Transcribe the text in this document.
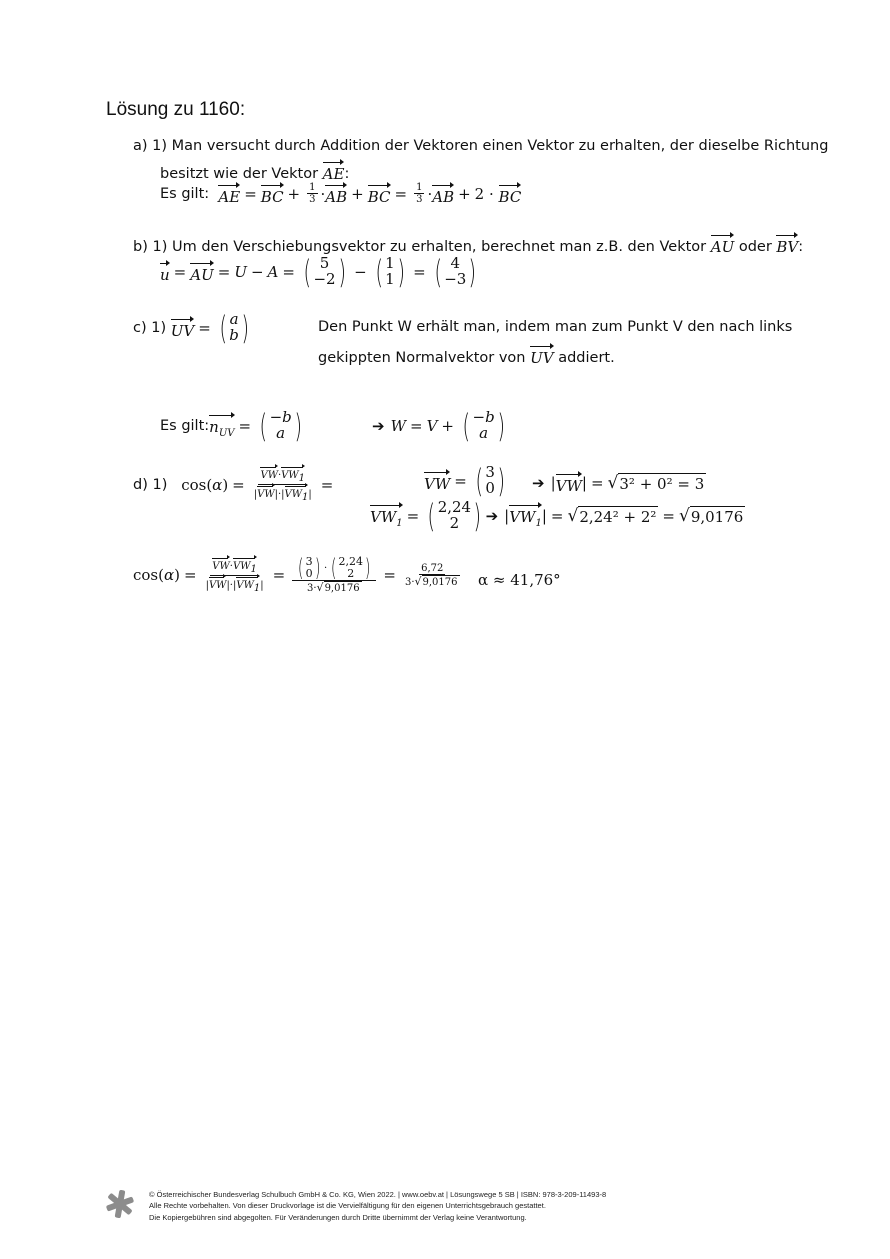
Lösung zu 1160:
a) 1) Man versucht durch Addition der Vektoren einen Vektor zu erhalten, der dieselbe Richtung
besitzt wie der Vektor
AE :
Es gilt:
AE = BC + $\frac{1}{3}$ · AB + BC = $\frac{1}{3}$ · AB + 2 · BC
b) 1)
Um den Verschiebungsvektor zu erhalten, berechnet man z.B. den Vektor
AU
oder
BV :
u = AU = U − A = ( 5
−2 ) − ( 1
1 ) = ( 4
−3 )
c) 1)
UV = ( a
b )	Den Punkt W erhält man, indem man zum Punkt V den nach links
gekippten Normalvektor von
UV
addiert.
Es gilt: $n_{UV}$ = ( −b
a )	➔ W = V + ( −b
a )
d) 1)
cos( α ) = $\frac{VW\cdot VW_1}{|VW|\cdot|VW_1|}$ =	VW = ( 3
0 ) ➔ | VW | = √ 3² + 0² = 3
$VW_1$ = ( 2,24
2 ) ➔ | $VW_1$ | = √ 2,24² + 2² = √ 9,0176
cos( α ) = $\frac{VW\cdot VW_1}{|VW|\cdot|VW_1|}$ = ( 3
0 ) · ( 2,24
2 )
3· √ $9,0176 = \frac{6,72}{3\cdot √ 9,0176}$ α ≈ 41,76°
© Österreichischer Bundesverlag Schulbuch GmbH & Co. KG, Wien 2022. | www.oebv.at | Lösungswege 5 SB | ISBN: 978-3-209-11493-8
Alle Rechte vorbehalten. Von dieser Druckvorlage ist die Vervielfältigung für den eigenen Unterrichtsgebrauch gestattet.
Die Kopiergebühren sind abgegolten. Für Veränderungen durch Dritte übernimmt der Verlag keine Verantwortung.
